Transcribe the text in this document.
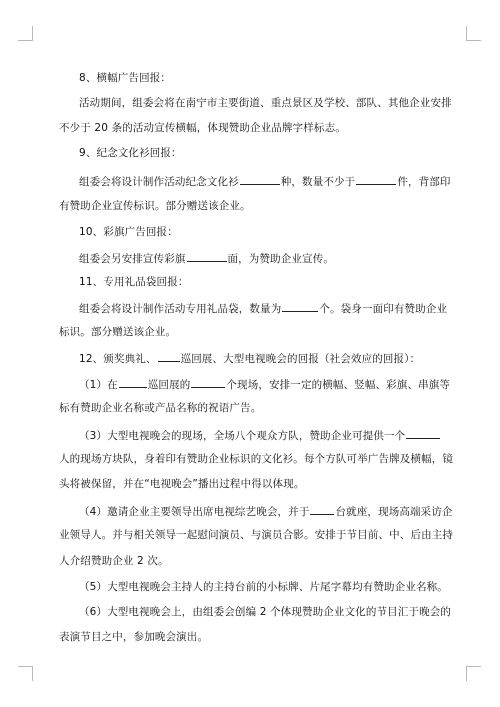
8、横幅广告回报：
活动期间，组委会将在南宁市主要街道、重点景区及学校、部队、其他企业安排
不少于 20 条的活动宣传横幅，体现赞助企业品牌字样标志。
9、纪念文化衫回报：
组委会将设计制作活动纪念文化衫	种，数量不少于	件，背部印
有赞助企业宣传标识。部分赠送该企业。
10、彩旗广告回报：
组委会另安排宣传彩旗	面，为赞助企业宣传。
11、专用礼品袋回报：
组委会将设计制作活动专用礼品袋，数量为	个。袋身一面印有赞助企业
标识。部分赠送该企业。
12、颁奖典礼、 巡回展、大型电视晚会的回报（社会效应的回报）：
（1）在	巡回展的	个现场，安排一定的横幅、竖幅、彩旗、串旗等
标有赞助企业名称或产品名称的祝语广告。
（3）大型电视晚会的现场，全场八个观众方队，赞助企业可提供一个
人的现场方块队，身着印有赞助企业标识的文化衫。每个方队可举广告牌及横幅，镜
头将被保留，并在“电视晚会”播出过程中得以体现。
（4）邀请企业主要领导出席电视综艺晚会，并于 台就座，现场高端采访企
业领导人。并与相关领导一起慰问演员、与演员合影。安排于节目前、中、后由主持
人介绍赞助企业 2 次。
（5）大型电视晚会主持人的主持台前的小标牌、片尾字幕均有赞助企业名称。
（6）大型电视晚会上，由组委会创编 2 个体现赞助企业文化的节目汇于晚会的
表演节目之中，参加晚会演出。
